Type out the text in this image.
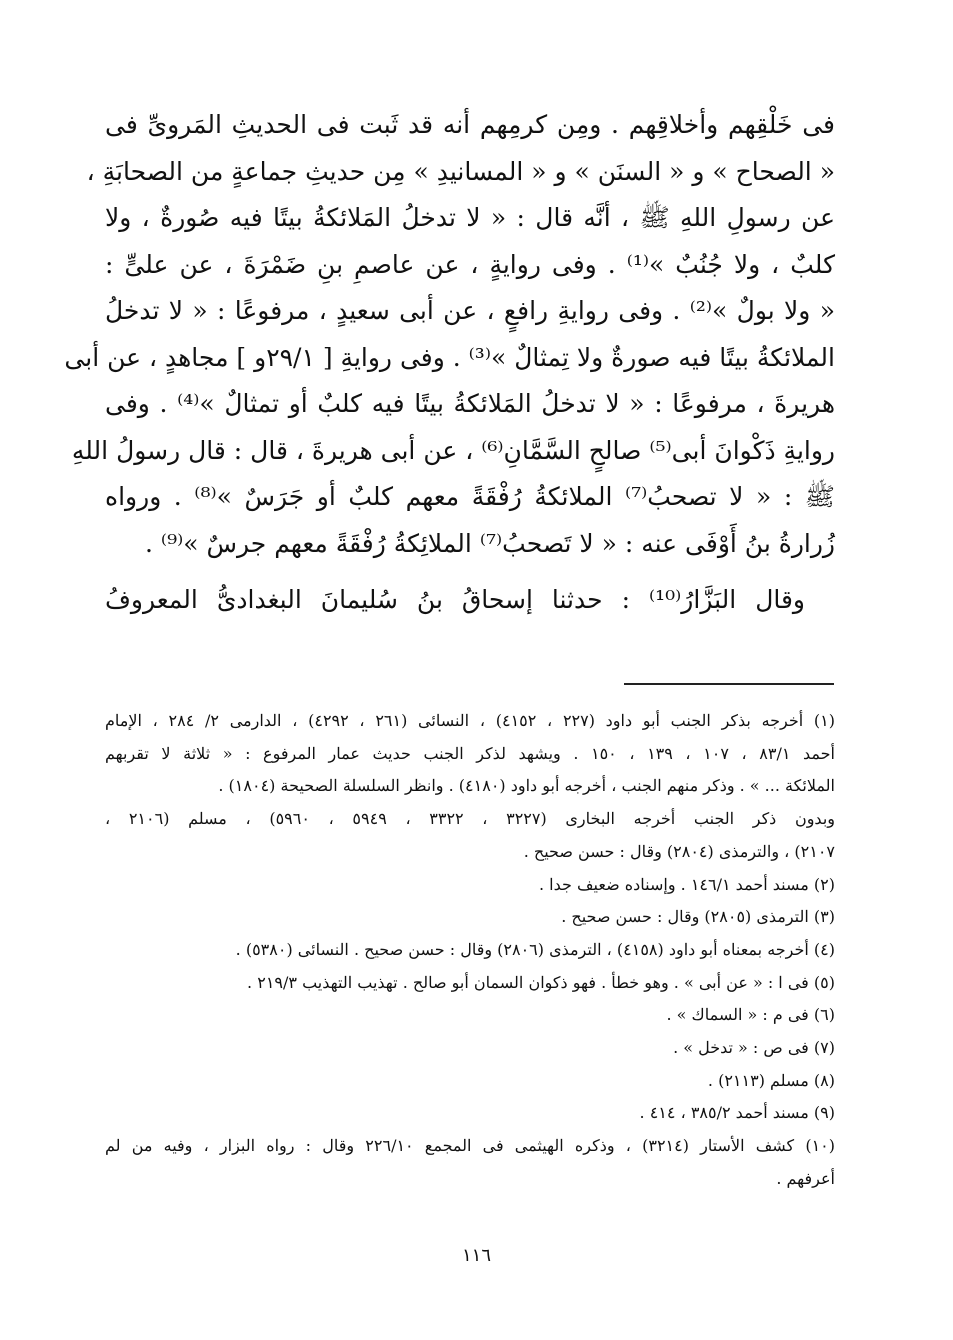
فى خَلْقِهم وأخلاقِهم . ومِن كرمِهم أنه قد ثَبت فى الحديثِ المَروىِّ فى
« الصحاح » و « السنَن » و « المسانيدِ » مِن حديثِ جماعةٍ من الصحابَةِ ،
عن رسولِ اللهِ ﷺ ، أنَّه قال : « لا تدخلُ المَلائكةُ بيتًا فيه صُورةٌ ، ولا
كلبٌ ، ولا جُنُبٌ »⁽¹⁾ . وفى روايةٍ ، عن عاصمِ بنِ ضَمْرَةَ ، عن علىٍّ :
« ولا بولٌ »⁽²⁾ . وفى روايةِ رافعٍ ، عن أبى سعيدٍ ، مرفوعًا : « لا تدخلُ
الملائكةُ بيتًا فيه صورةٌ ولا تِمثالٌ »⁽³⁾ . وفى روايةِ [ ٢٩/١و ] مجاهدٍ ، عن أبى
هريرةَ ، مرفوعًا : « لا تدخلُ المَلائكةُ بيتًا فيه كلبٌ أو تمثالٌ »⁽⁴⁾ . وفى
روايةِ ذَكْوانَ أبى⁽⁵⁾ صالحٍ السَّمَّانِ⁽⁶⁾ ، عن أبى هريرةَ ، قال : قال رسولُ اللهِ
ﷺ : « لا تصحبُ⁽⁷⁾ الملائكةُ رُفْقَةً معهم كلبٌ أو جَرَسٌ »⁽⁸⁾ . ورواه
زُرارةُ بنُ أَوْفَى عنه : « لا تَصحبُ⁽⁷⁾ الملائِكةُ رُفْقَةً معهم جرسٌ »⁽⁹⁾ .
وقال البَزَّارُ⁽¹⁰⁾ : حدثنا إسحاقُ بنُ سُليمانَ البغدادىُّ المعروفُ
(١) أخرجه بذكر الجنب أبو داود (٢٢٧ ، ٤١٥٢) ، النسائى (٢٦١ ، ٤٢٩٢) ، الدارمى ٢/ ٢٨٤ ، الإمام
أحمد ٨٣/١ ، ١٠٧ ، ١٣٩ ، ١٥٠ . ويشهد لذكر الجنب حديث عمار المرفوع : « ثلاثة لا تقربهم
الملائكة ... » . وذكر منهم الجنب ، أخرجه أبو داود (٤١٨٠) . وانظر السلسلة الصحيحة (١٨٠٤) .
وبدون ذكر الجنب أخرجه البخارى (٣٢٢٧ ، ٣٣٢٢ ، ٥٩٤٩ ، ٥٩٦٠) ، مسلم (٢١٠٦ ،
٢١٠٧) ، والترمذى (٢٨٠٤) وقال : حسن صحيح .
(٢) مسند أحمد ١٤٦/١ . وإسناده ضعيف جدا .
(٣) الترمذى (٢٨٠٥) وقال : حسن صحيح .
(٤) أخرجه بمعناه أبو داود (٤١٥٨) ، الترمذى (٢٨٠٦) وقال : حسن صحيح . النسائى (٥٣٨٠) .
(٥) فى ا : « عن أبى » . وهو خطأ . فهو ذكوان السمان أبو صالح . تهذيب التهذيب ٢١٩/٣ .
(٦) فى م : « السماك » .
(٧) فى ص : « تدخل » .
(٨) مسلم (٢١١٣) .
(٩) مسند أحمد ٣٨٥/٢ ، ٤١٤ .
(١٠) كشف الأستار (٣٢١٤) ، وذكره الهيثمى فى المجمع ٢٢٦/١٠ وقال : رواه البزار ، وفيه من لم
أعرفهم .
١١٦
